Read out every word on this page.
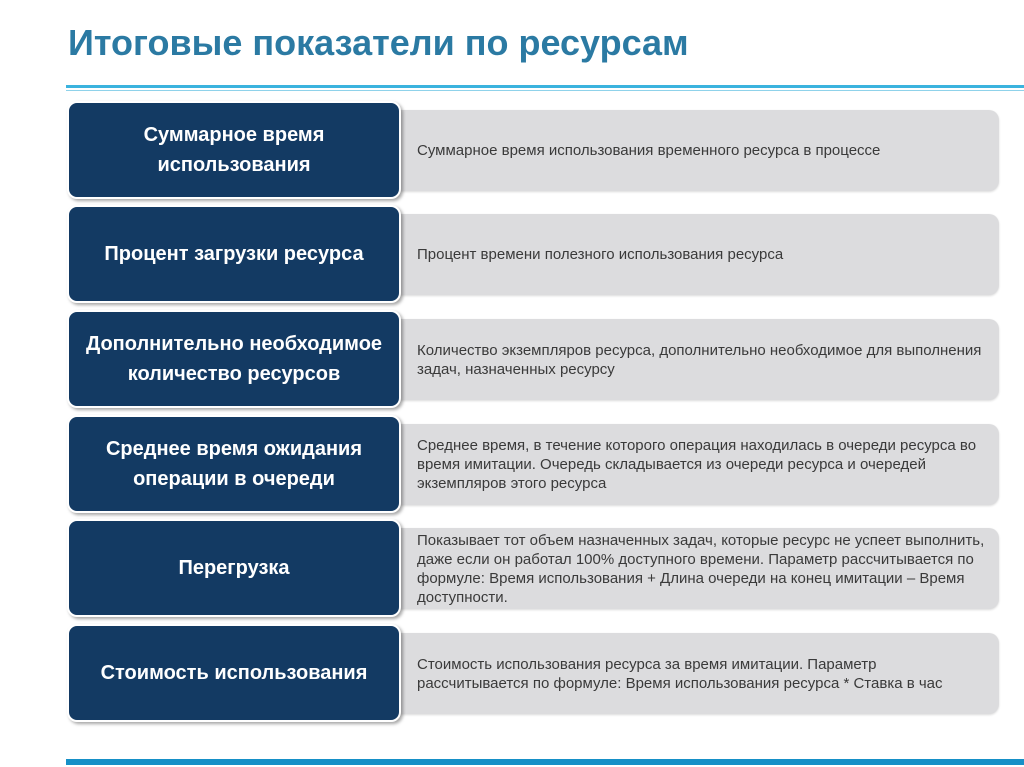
Итоговые показатели по ресурсам
Суммарное время использования временного ресурса в процессе
Суммарное время использования
Процент времени полезного использования ресурса
Процент загрузки ресурса
Количество экземпляров ресурса, дополнительно необходимое для выполнения задач, назначенных ресурсу
Дополнительно необходимое количество ресурсов
Среднее время, в течение которого операция находилась в очереди ресурса во время имитации. Очередь складывается из очереди ресурса и очередей экземпляров этого ресурса
Среднее время ожидания операции в очереди
Показывает тот объем назначенных задач, которые ресурс не успеет выполнить, даже если он работал 100% доступного времени. Параметр рассчитывается по формуле: Время использования + Длина очереди на конец имитации – Время доступности.
Перегрузка
Стоимость использования ресурса за время имитации. Параметр рассчитывается по формуле: Время использования ресурса * Ставка в час
Стоимость использования
